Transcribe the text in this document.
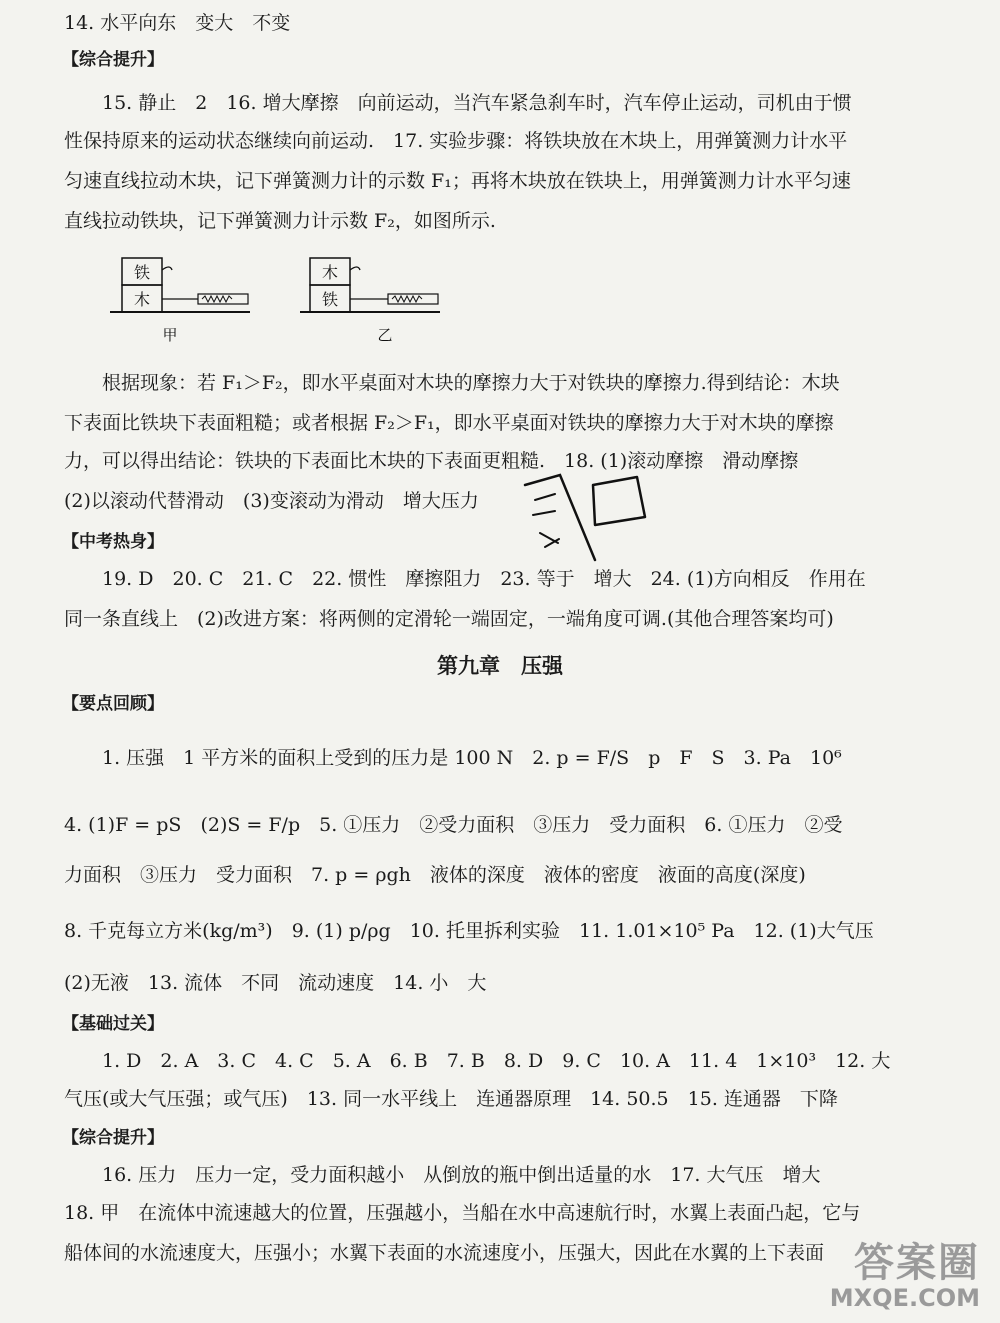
14. 水平向东　变大　不变
【综合提升】
15. 静止　2　16. 增大摩擦　向前运动，当汽车紧急刹车时，汽车停止运动，司机由于惯
性保持原来的运动状态继续向前运动.　17. 实验步骤：将铁块放在木块上，用弹簧测力计水平
匀速直线拉动木块，记下弹簧测力计的示数 F₁；再将木块放在铁块上，用弹簧测力计水平匀速
直线拉动铁块，记下弹簧测力计示数 F₂，如图所示.
铁
木
甲
木
铁
乙
根据现象：若 F₁＞F₂，即水平桌面对木块的摩擦力大于对铁块的摩擦力.得到结论：木块
下表面比铁块下表面粗糙；或者根据 F₂＞F₁，即水平桌面对铁块的摩擦力大于对木块的摩擦
力，可以得出结论：铁块的下表面比木块的下表面更粗糙.　18. (1)滚动摩擦　滑动摩擦
(2)以滚动代替滑动　(3)变滚动为滑动　增大压力
【中考热身】
19. D　20. C　21. C　22. 惯性　摩擦阻力　23. 等于　增大　24. (1)方向相反　作用在
同一条直线上　(2)改进方案：将两侧的定滑轮一端固定，一端角度可调.(其他合理答案均可)
第九章　压强
【要点回顾】
1. 压强　1 平方米的面积上受到的压力是 100 N　2. p = F/S　p　F　S　3. Pa　10⁶
4. (1)F = pS　(2)S = F/p　5. ①压力　②受力面积　③压力　受力面积　6. ①压力　②受
力面积　③压力　受力面积　7. p = ρgh　液体的深度　液体的密度　液面的高度(深度)
8. 千克每立方米(kg/m³)　9. (1) p/ρg　10. 托里拆利实验　11. 1.01×10⁵ Pa　12. (1)大气压
(2)无液　13. 流体　不同　流动速度　14. 小　大
【基础过关】
1. D　2. A　3. C　4. C　5. A　6. B　7. B　8. D　9. C　10. A　11. 4　1×10³　12. 大
气压(或大气压强；或气压)　13. 同一水平线上　连通器原理　14. 50.5　15. 连通器　下降
【综合提升】
16. 压力　压力一定，受力面积越小　从倒放的瓶中倒出适量的水　17. 大气压　增大
18. 甲　在流体中流速越大的位置，压强越小，当船在水中高速航行时，水翼上表面凸起，它与
船体间的水流速度大，压强小；水翼下表面的水流速度小，压强大，因此在水翼的上下表面 答案圈
MXQE.COM
